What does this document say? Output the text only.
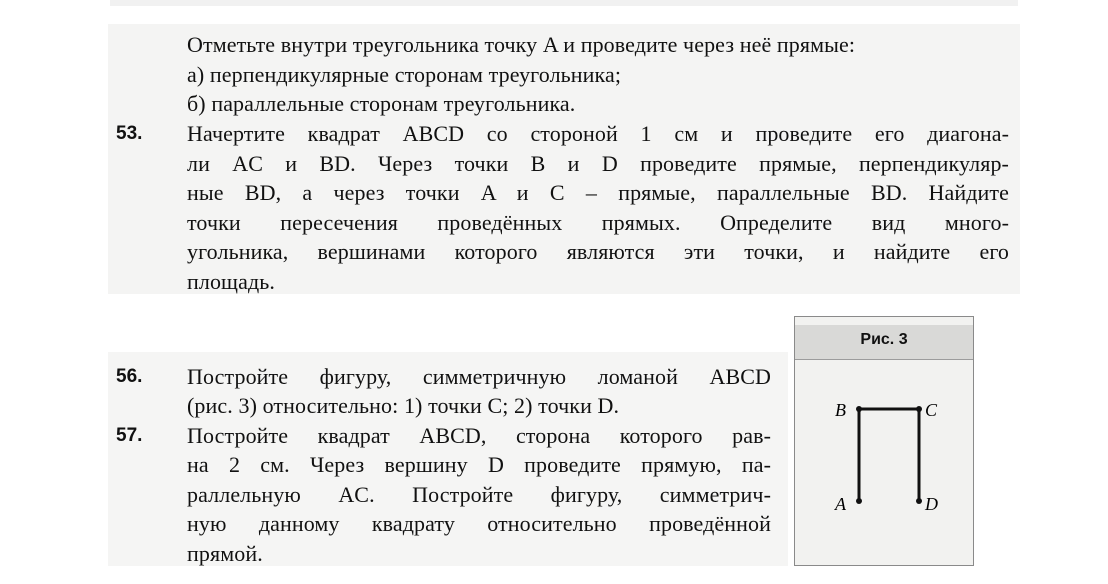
Отметьте внутри треугольника точку A и проведите через неё прямые:
а) перпендикулярные сторонам треугольника;
б) параллельные сторонам треугольника.
53. Начертите квадрат ABCD со стороной 1 см и проведите его диагона-
ли AC и BD. Через точки B и D проведите прямые, перпендикуляр-
ные BD, а через точки A и C – прямые, параллельные BD. Найдите
точки пересечения проведённых прямых. Определите вид много-
угольника, вершинами которого являются эти точки, и найдите его
площадь.
56. Постройте фигуру, симметричную ломаной ABCD
(рис. 3) относительно: 1) точки C; 2) точки D.
57. Постройте квадрат ABCD, сторона которого рав-
на 2 см. Через вершину D проведите прямую, па-
раллельную AC. Постройте фигуру, симметрич-
ную данному квадрату относительно проведённой
прямой.
Рис. 3
B	C
A	D
